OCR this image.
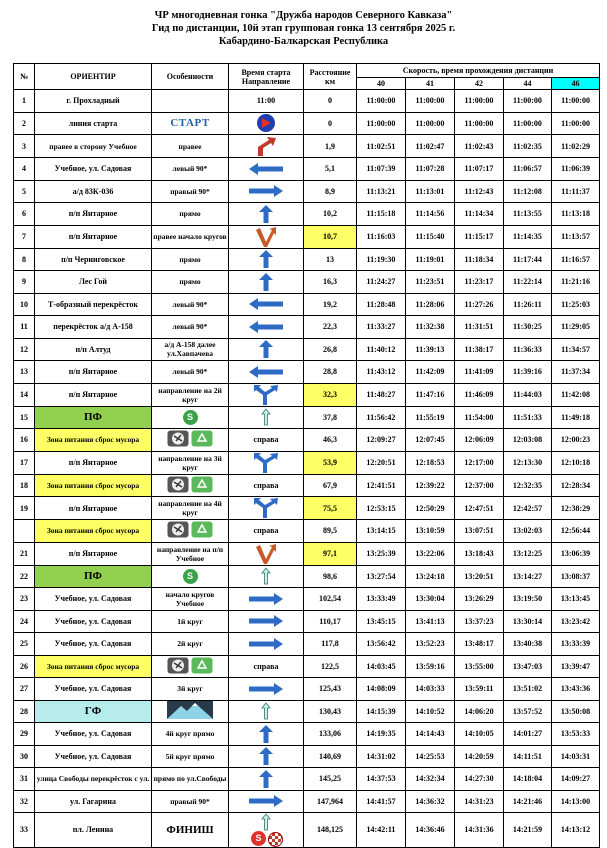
ЧР многодневная гонка "Дружба народов Северного Кавказа"
Гид по дистанции, 10й этап групповая гонка 13 сентября 2025 г.
Кабардино-Балкарская Республика
№	ОРИЕНТИР	Особенности	Время старта Направление	Расстояние км	Скорость, время прохождения дистанции				
					40	41	42	44	46
1	г. Прохладный		11:00	0	11:00:00	11:00:00	11:00:00	11:00:00	11:00:00
2	линия старта	СТАРТ		0	11:00:00	11:00:00	11:00:00	11:00:00	11:00:00
3	правее в сторону Учебное	правее		1,9	11:02:51	11:02:47	11:02:43	11:02:35	11:02:29
4	Учебное, ул. Садовая	левый 90*		5,1	11:07:39	11:07:28	11:07:17	11:06:57	11:06:39
5	а/д 83К-036	правый 90*		8,9	11:13:21	11:13:01	11:12:43	11:12:08	11:11:37
6	п/п Янтарное	прямо		10,2	11:15:18	11:14:56	11:14:34	11:13:55	11:13:18
7	п/п Янтарное	правее начало кругов		10,7	11:16:03	11:15:40	11:15:17	11:14:35	11:13:57
8	п/п Черниговское	прямо		13	11:19:30	11:19:01	11:18:34	11:17:44	11:16:57
9	Лес Гой	прямо		16,3	11:24:27	11:23:51	11:23:17	11:22:14	11:21:16
10	Т-образный перекрёсток	левый 90*		19,2	11:28:48	11:28:06	11:27:26	11:26:11	11:25:03
11	перекрёсток а/д А-158	левый 90*		22,3	11:33:27	11:32:38	11:31:51	11:30:25	11:29:05
12	п/п Алтуд	а/д А-158 далее ул.Хавпачева		26,8	11:40:12	11:39:13	11:38:17	11:36:33	11:34:57
13	п/п Янтарное	левый 90*		28,8	11:43:12	11:42:09	11:41:09	11:39:16	11:37:34
14	п/п Янтарное	направление на 2й круг		32,3	11:48:27	11:47:16	11:46:09	11:44:03	11:42:08
15	ПФ	S		37,8	11:56:42	11:55:19	11:54:00	11:51:33	11:49:18
16	Зона питания сброс мусора		справа	46,3	12:09:27	12:07:45	12:06:09	12:03:08	12:00:23
17	п/п Янтарное	направление на 3й круг		53,9	12:20:51	12:18:53	12:17:00	12:13:30	12:10:18
18	Зона питания сброс мусора		справа	67,9	12:41:51	12:39:22	12:37:00	12:32:35	12:28:34
19	п/п Янтарное	направление на 4й круг		75,5	12:53:15	12:50:29	12:47:51	12:42:57	12:38:29
	Зона питания сброс мусора		справа	89,5	13:14:15	13:10:59	13:07:51	13:02:03	12:56:44
21	п/п Янтарное	направление на п/п Учебное		97,1	13:25:39	13:22:06	13:18:43	13:12:25	13:06:39
22	ПФ	S		98,6	13:27:54	13:24:18	13:20:51	13:14:27	13:08:37
23	Учебное, ул. Садовая	начало кругов Учебное		102,54	13:33:49	13:30:04	13:26:29	13:19:50	13:13:45
24	Учебное, ул. Садовая	1й круг		110,17	13:45:15	13:41:13	13:37:23	13:30:14	13:23:42
25	Учебное, ул. Садовая	2й круг		117,8	13:56:42	13:52:23	13:48:17	13:40:38	13:33:39
26	Зона питания сброс мусора		справа	122,5	14:03:45	13:59:16	13:55:00	13:47:03	13:39:47
27	Учебное, ул. Садовая	3й круг		125,43	14:08:09	14:03:33	13:59:11	13:51:02	13:43:36
28	ГФ			130,43	14:15:39	14:10:52	14:06:20	13:57:52	13:50:08
29	Учебное, ул. Садовая	4й круг прямо		133,06	14:19:35	14:14:43	14:10:05	14:01:27	13:53:33
30	Учебное, ул. Садовая	5й круг прямо		140,69	14:31:02	14:25:53	14:20:59	14:11:51	14:03:31
31	улица Свободы перекрёсток с ул.	прямо по ул.Свободы		145,25	14:37:53	14:32:34	14:27:30	14:18:04	14:09:27
32	ул. Гагарина	правый 90*		147,964	14:41:57	14:36:32	14:31:23	14:21:46	14:13:00
33	пл. Ленина	ФИНИШ	S	148,125	14:42:11	14:36:46	14:31:36	14:21:59	14:13:12
